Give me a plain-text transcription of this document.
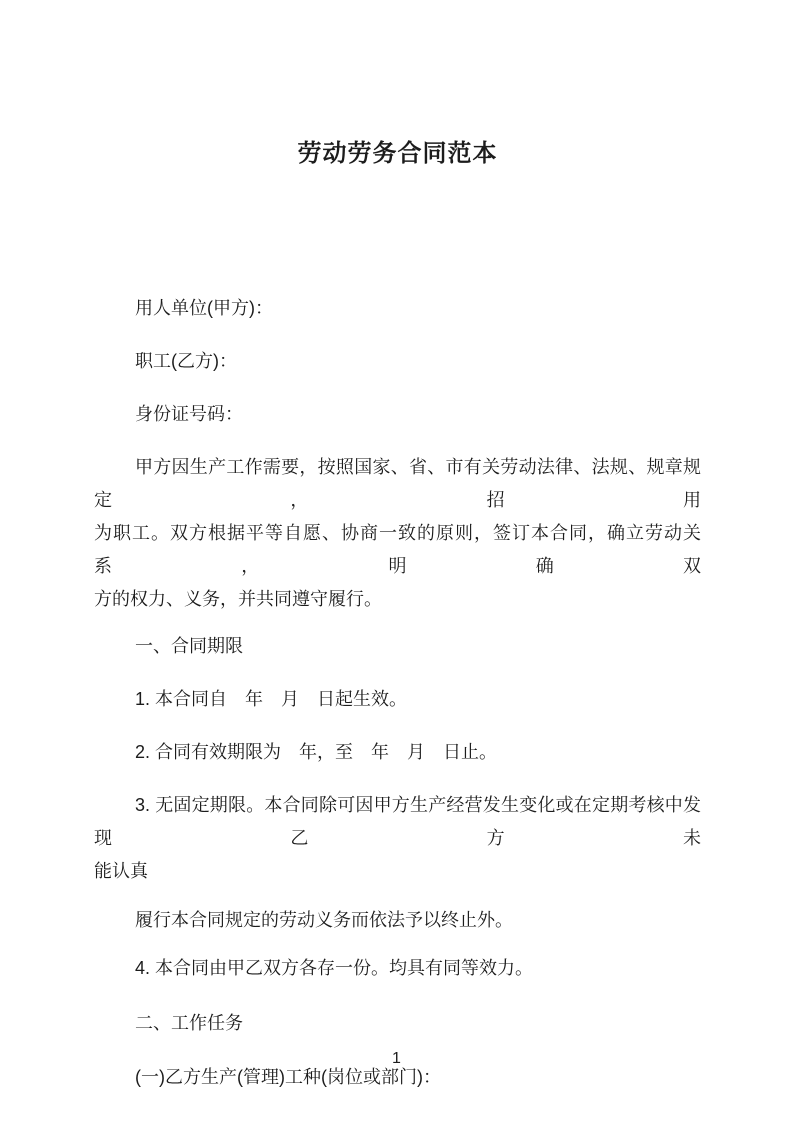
劳动劳务合同范本

用人单位(甲方)：

职工(乙方)：

身份证号码：

甲方因生产工作需要，按照国家、省、市有关劳动法律、法规、规章规定，招用
为职工。双方根据平等自愿、协商一致的原则，签订本合同，确立劳动关系，明确双
方的权力、义务，并共同遵守履行。

一、合同期限

1. 本合同自　年　月　日起生效。

2. 合同有效期限为　年，至　年　月　日止。

3. 无固定期限。本合同除可因甲方生产经营发生变化或在定期考核中发现乙方未
能认真

履行本合同规定的劳动义务而依法予以终止外。

4. 本合同由甲乙双方各存一份。均具有同等效力。

二、工作任务

(一)乙方生产(管理)工种(岗位或部门)：

1
